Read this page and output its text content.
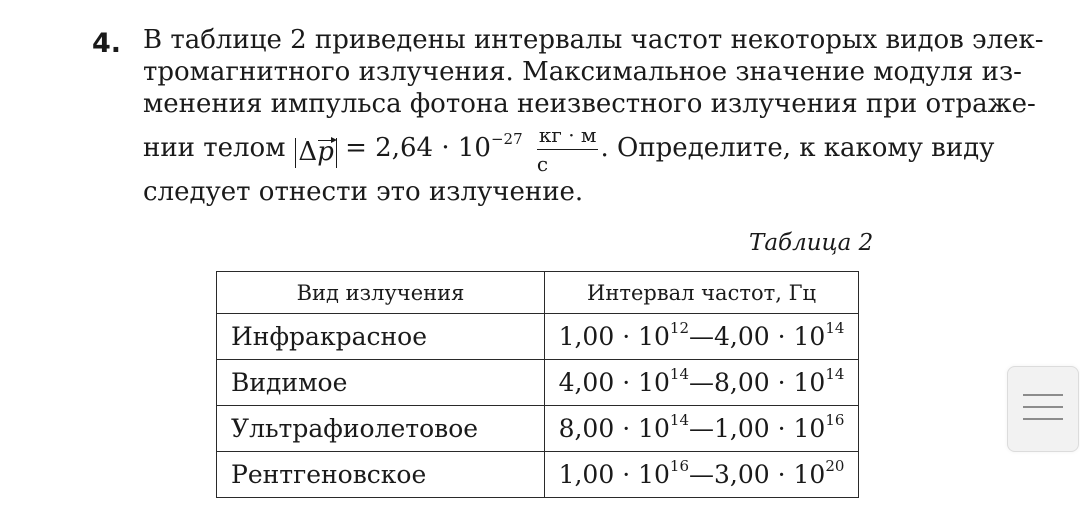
4. В таблице 2 приведены интервалы частот некоторых видов элек-
тромагнитного излучения. Максимальное значение модуля из-
менения импульса фотона неизвестного излучения при отраже-
нии телом $\Delta p = 2,64 \cdot 10^{-27} \frac{кг \cdot м}{с}$ . Определите, к какому виду
следует отнести это излучение.
Таблица 2
Вид излучения	Интервал частот, Гц
Инфракрасное	$1,00 \cdot 10^{12}—4,00 \cdot 10^{14}$
Видимое	$4,00 \cdot 10^{14}—8,00 \cdot 10^{14}$
Ультрафиолетовое	$8,00 \cdot 10^{14}—1,00 \cdot 10^{16}$
Рентгеновское	$1,00 \cdot 10^{16}—3,00 \cdot 10^{20}$
